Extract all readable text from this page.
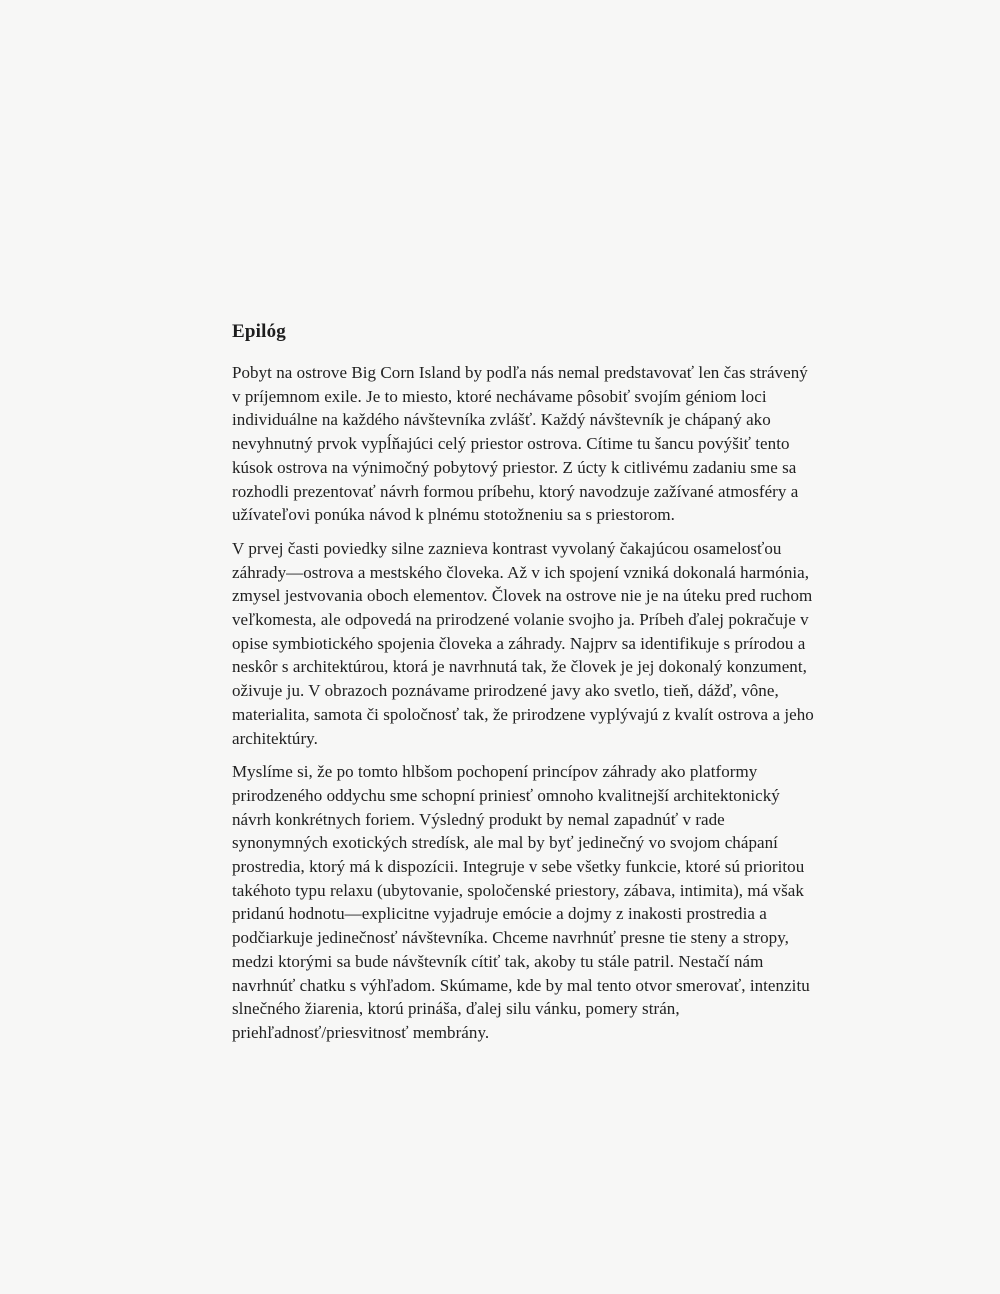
Epilóg

Pobyt na ostrove Big Corn Island by podľa nás nemal predstavovať len čas strávený v príjemnom exile. Je to miesto, ktoré nechávame pôsobiť svojím géniom loci individuálne na každého návštevníka zvlášť. Každý návštevník je chápaný ako nevyhnutný prvok vypĺňajúci celý priestor ostrova. Cítime tu šancu povýšiť tento kúsok ostrova na výnimočný pobytový priestor. Z úcty k citlivému zadaniu sme sa rozhodli prezentovať návrh formou príbehu, ktorý navodzuje zažívané atmosféry a užívateľovi ponúka návod k plnému stotožneniu sa s priestorom.

V prvej časti poviedky silne zaznieva kontrast vyvolaný čakajúcou osamelosťou záhrady—ostrova a mestského človeka. Až v ich spojení vzniká dokonalá harmónia, zmysel jestvovania oboch elementov. Človek na ostrove nie je na úteku pred ruchom veľkomesta, ale odpovedá na prirodzené volanie svojho ja. Príbeh ďalej pokračuje v opise symbiotického spojenia človeka a záhrady. Najprv sa identifikuje s prírodou a neskôr s architektúrou, ktorá je navrhnutá tak, že človek je jej dokonalý konzument, oživuje ju. V obrazoch poznávame prirodzené javy ako svetlo, tieň, dážď, vône, materialita, samota či spoločnosť tak, že prirodzene vyplývajú z kvalít ostrova a jeho architektúry.

Myslíme si, že po tomto hlbšom pochopení princípov záhrady ako platformy prirodzeného oddychu sme schopní priniesť omnoho kvalitnejší architektonický návrh konkrétnych foriem. Výsledný produkt by nemal zapadnúť v rade synonymných exotických stredísk, ale mal by byť jedinečný vo svojom chápaní prostredia, ktorý má k dispozícii. Integruje v sebe všetky funkcie, ktoré sú prioritou takéhoto typu relaxu (ubytovanie, spoločenské priestory, zábava, intimita), má však pridanú hodnotu—explicitne vyjadruje emócie a dojmy z inakosti prostredia a podčiarkuje jedinečnosť návštevníka. Chceme navrhnúť presne tie steny a stropy, medzi ktorými sa bude návštevník cítiť tak, akoby tu stále patril. Nestačí nám navrhnúť chatku s výhľadom. Skúmame, kde by mal tento otvor smerovať, intenzitu slnečného žiarenia, ktorú prináša, ďalej silu vánku, pomery strán, priehľadnosť/priesvitnosť membrány.
